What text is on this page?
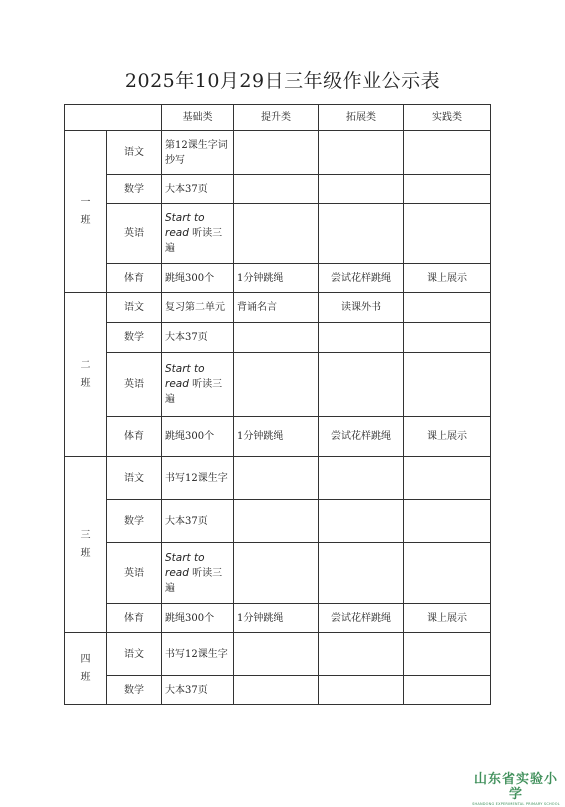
2025年10月29日三年级作业公示表
		基础类	提升类	拓展类	实践类
一
班	语文	第12课生字词抄写			
	数学	大本37页			
	英语	Start to read 听读三遍			
	体育	跳绳300个	1分钟跳绳	尝试花样跳绳	课上展示
二
班	语文	复习第二单元	背诵名言	读课外书	
	数学	大本37页			
	英语	Start to read 听读三遍			
	体育	跳绳300个	1分钟跳绳	尝试花样跳绳	课上展示
三
班	语文	书写12课生字			
	数学	大本37页			
	英语	Start to read 听读三遍			
	体育	跳绳300个	1分钟跳绳	尝试花样跳绳	课上展示
四
班	语文	书写12课生字			
	数学	大本37页			
山东省实验小学
SHANDONG EXPERIMENTAL PRIMARY SCHOOL
